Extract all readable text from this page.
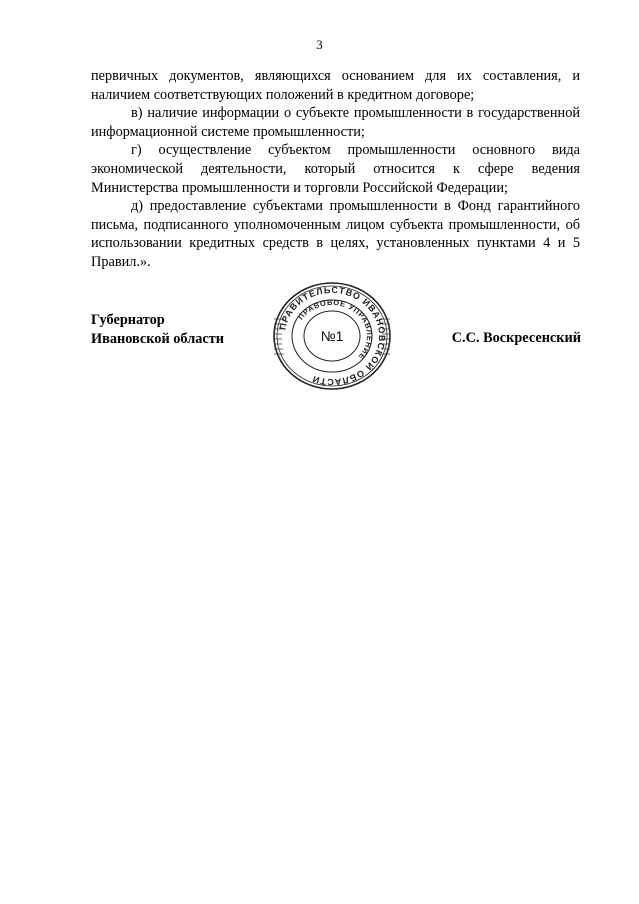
3

первичных документов, являющихся основанием для их составления, и наличием соответствующих положений в кредитном договоре;

в) наличие информации о субъекте промышленности в государственной информационной системе промышленности;

г) осуществление субъектом промышленности основного вида экономической деятельности, который относится к сфере ведения Министерства промышленности и торговли Российской Федерации;

д) предоставление субъектами промышленности в Фонд гарантийного письма, подписанного уполномоченным лицом субъекта промышленности, об использовании кредитных средств в целях, установленных пунктами 4 и 5 Правил.».

Губернатор
Ивановской области
ПРАВИТЕЛЬСТВО ИВАНОВСКОЙ ОБЛАСТИ
ПРАВОВОЕ УПРАВЛЕНИЕ
№1	С.С. Воскресенский
